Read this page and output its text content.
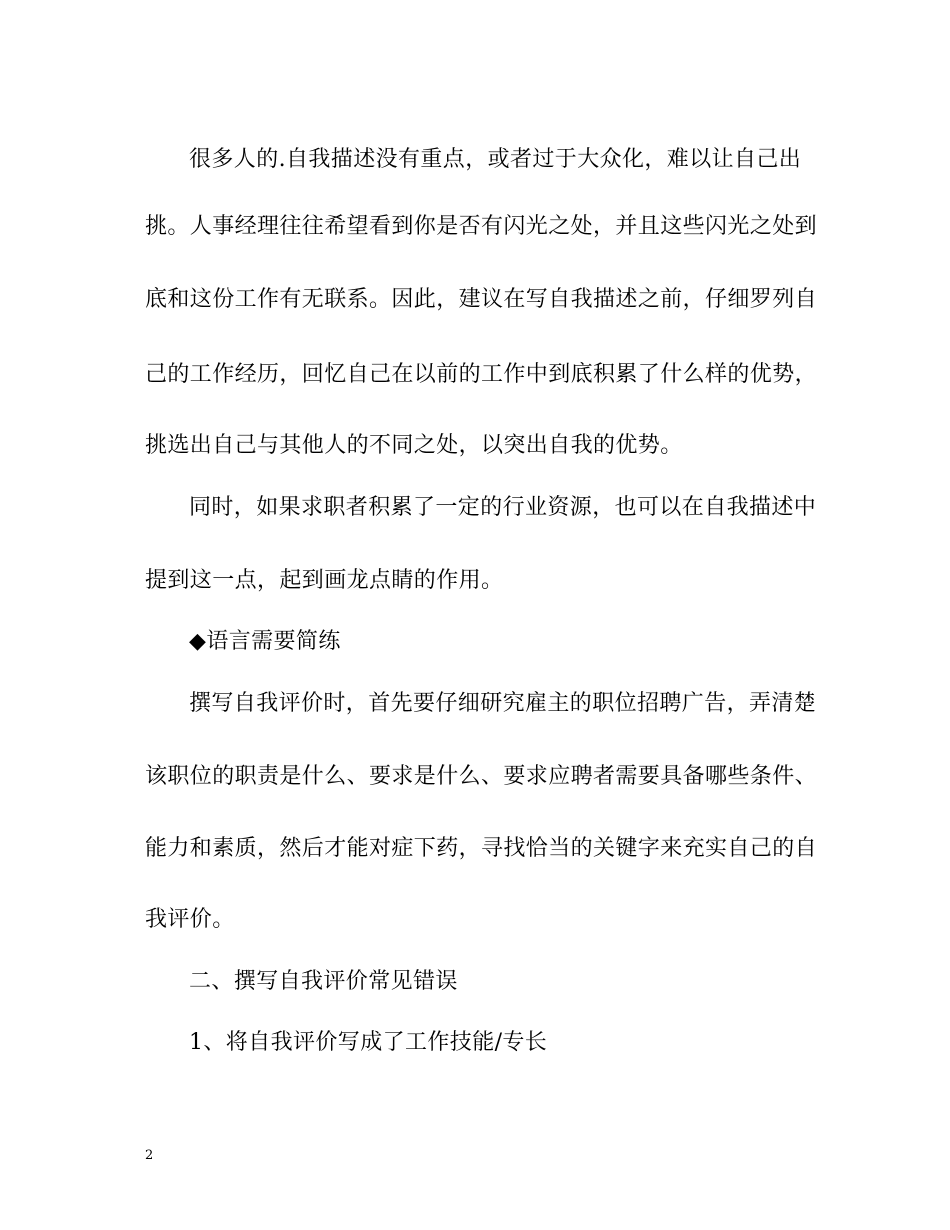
很多人的.自我描述没有重点，或者过于大众化，难以让自己出
挑。人事经理往往希望看到你是否有闪光之处，并且这些闪光之处到
底和这份工作有无联系。因此，建议在写自我描述之前，仔细罗列自
己的工作经历，回忆自己在以前的工作中到底积累了什么样的优势，
挑选出自己与其他人的不同之处，以突出自我的优势。
同时，如果求职者积累了一定的行业资源，也可以在自我描述中
提到这一点，起到画龙点睛的作用。
◆语言需要简练
撰写自我评价时，首先要仔细研究雇主的职位招聘广告，弄清楚
该职位的职责是什么、要求是什么、要求应聘者需要具备哪些条件、
能力和素质，然后才能对症下药，寻找恰当的关键字来充实自己的自
我评价。
二、撰写自我评价常见错误
1、将自我评价写成了工作技能/专长
2
